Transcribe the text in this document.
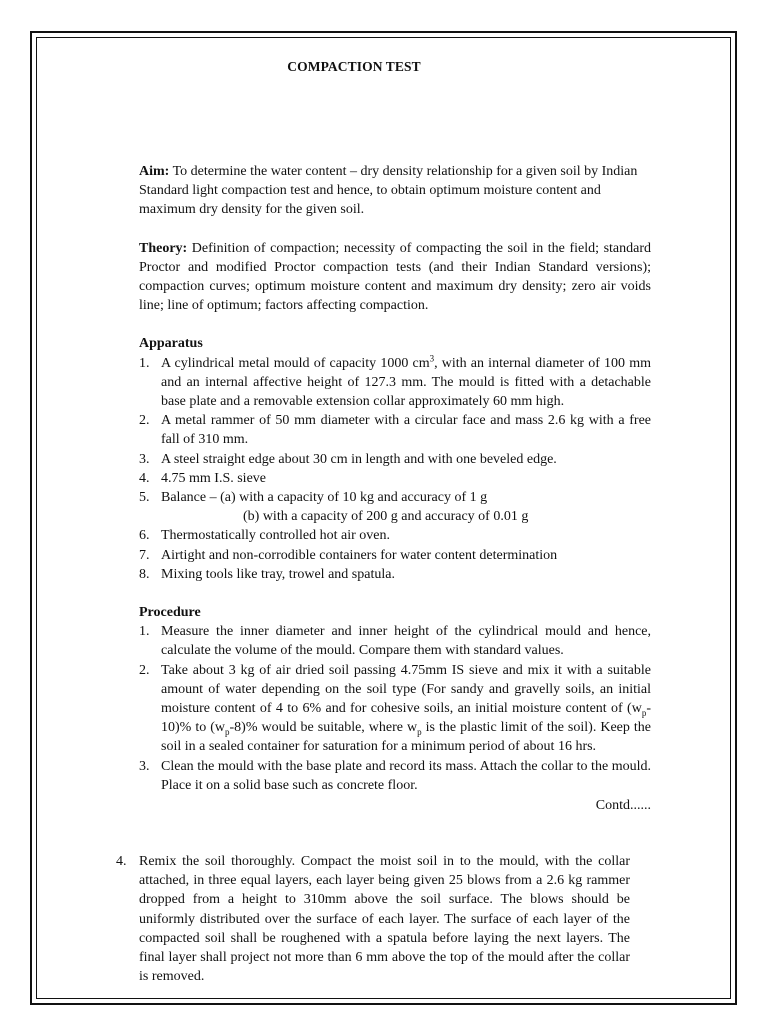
COMPACTION TEST

Aim: To determine the water content – dry density relationship for a given soil by Indian Standard light compaction test and hence, to obtain optimum moisture content and maximum dry density for the given soil.

Theory: Definition of compaction; necessity of compacting the soil in the field; standard Proctor and modified Proctor compaction tests (and their Indian Standard versions); compaction curves; optimum moisture content and maximum dry density; zero air voids line; line of optimum; factors affecting compaction.

Apparatus
1. A cylindrical metal mould of capacity 1000 $cm^3$, with an internal diameter of 100 mm and an internal affective height of 127.3 mm. The mould is fitted with a detachable base plate and a removable extension collar approximately 60 mm high.
2. A metal rammer of 50 mm diameter with a circular face and mass 2.6 kg with a free fall of 310 mm.
3. A steel straight edge about 30 cm in length and with one beveled edge.
4. 4.75 mm I.S. sieve
5. Balance – (a) with a capacity of 10 kg and accuracy of 1 g
(b) with a capacity of 200 g and accuracy of 0.01 g
6. Thermostatically controlled hot air oven.
7. Airtight and non-corrodible containers for water content determination
8. Mixing tools like tray, trowel and spatula.
Procedure
1. Measure the inner diameter and inner height of the cylindrical mould and hence, calculate the volume of the mould. Compare them with standard values.
2. Take about 3 kg of air dried soil passing 4.75mm IS sieve and mix it with a suitable amount of water depending on the soil type (For sandy and gravelly soils, an initial moisture content of 4 to 6% and for cohesive soils, an initial moisture content of ($w_p-$ 10)% to $(w_p-8)\%$ would be suitable, where $w_p$ is the plastic limit of the soil). Keep the soil in a sealed container for saturation for a minimum period of about 16 hrs.
3. Clean the mould with the base plate and record its mass. Attach the collar to the mould. Place it on a solid base such as concrete floor.
Contd......
4. Remix the soil thoroughly. Compact the moist soil in to the mould, with the collar attached, in three equal layers, each layer being given 25 blows from a 2.6 kg rammer dropped from a height to 310mm above the soil surface. The blows should be uniformly distributed over the surface of each layer. The surface of each layer of the compacted soil shall be roughened with a spatula before laying the next layers. The final layer shall project not more than 6 mm above the top of the mould after the collar is removed.
